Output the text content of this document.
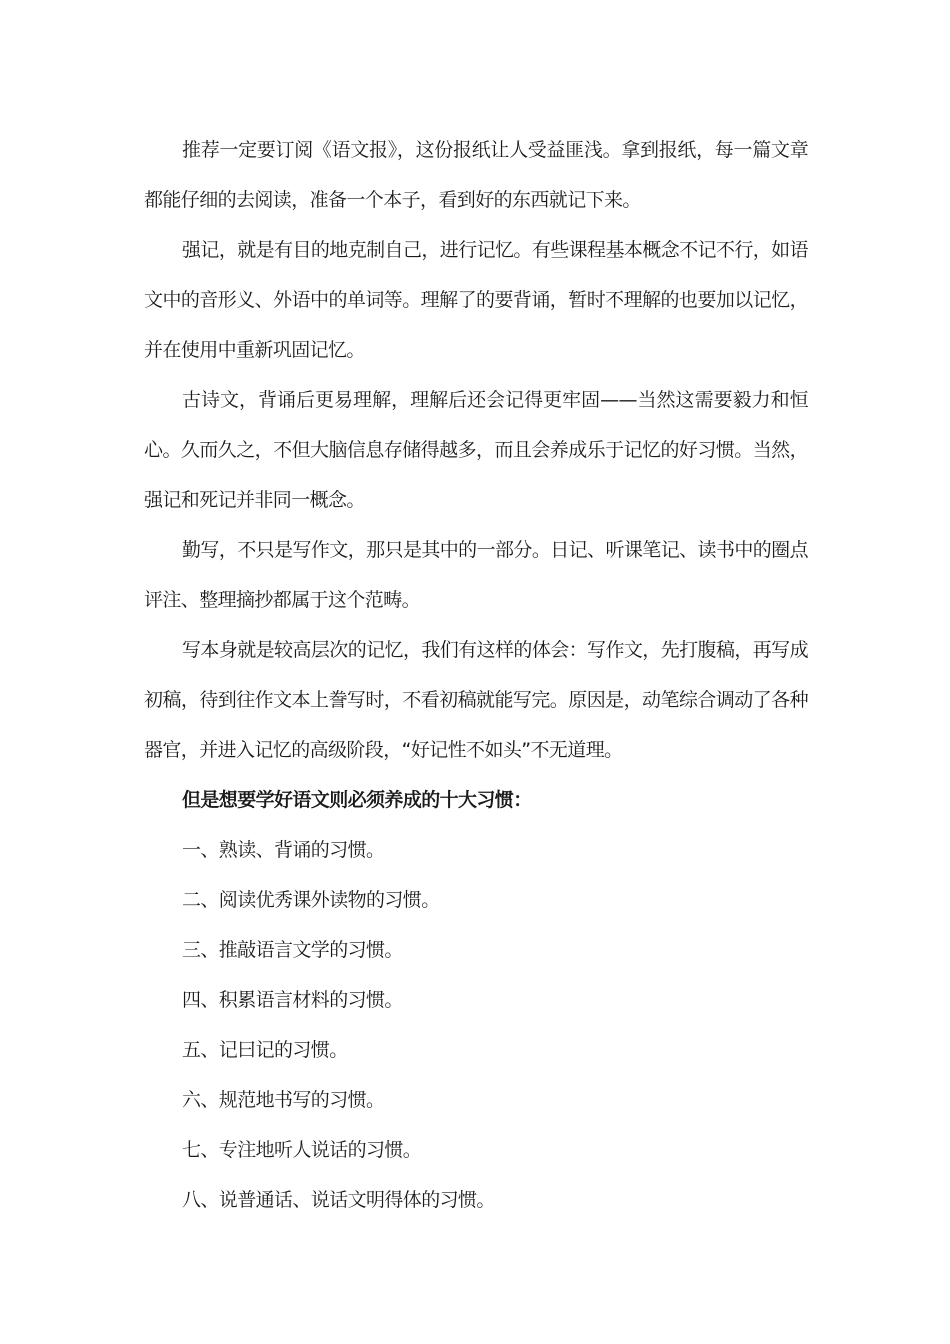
推荐一定要订阅《语文报》，这份报纸让人受益匪浅。拿到报纸，每一篇文章都能仔细的去阅读，准备一个本子，看到好的东西就记下来。

强记，就是有目的地克制自己，进行记忆。有些课程基本概念不记不行，如语文中的音形义、外语中的单词等。理解了的要背诵，暂时不理解的也要加以记忆，并在使用中重新巩固记忆。

古诗文，背诵后更易理解，理解后还会记得更牢固——当然这需要毅力和恒心。久而久之，不但大脑信息存储得越多，而且会养成乐于记忆的好习惯。当然，强记和死记并非同一概念。

勤写，不只是写作文，那只是其中的一部分。日记、听课笔记、读书中的圈点评注、整理摘抄都属于这个范畴。

写本身就是较高层次的记忆，我们有这样的体会：写作文，先打腹稿，再写成初稿，待到往作文本上誊写时，不看初稿就能写完。原因是，动笔综合调动了各种器官，并进入记忆的高级阶段，“好记性不如头”不无道理。

但是想要学好语文则必须养成的十大习惯：

一、熟读、背诵的习惯。

二、阅读优秀课外读物的习惯。

三、推敲语言文学的习惯。

四、积累语言材料的习惯。

五、记曰记的习惯。

六、规范地书写的习惯。

七、专注地听人说话的习惯。

八、说普通话、说话文明得体的习惯。
